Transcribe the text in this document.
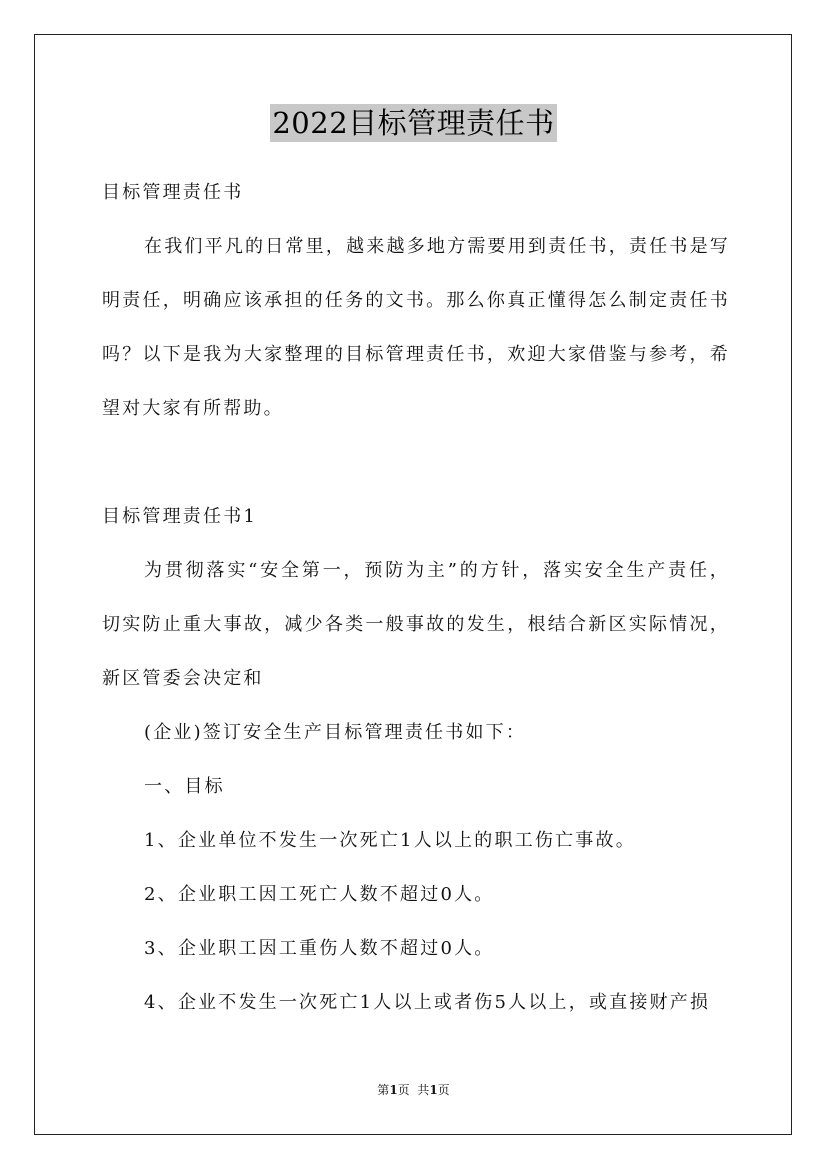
2022目标管理责任书

目标管理责任书

在我们平凡的日常里，越来越多地方需要用到责任书，责任书是写明责任，明确应该承担的任务的文书。那么你真正懂得怎么制定责任书吗？以下是我为大家整理的目标管理责任书，欢迎大家借鉴与参考，希望对大家有所帮助。

目标管理责任书1

为贯彻落实“安全第一，预防为主”的方针，落实安全生产责任，切实防止重大事故，减少各类一般事故的发生，根结合新区实际情况，新区管委会决定和

(企业)签订安全生产目标管理责任书如下：

一、目标

1、企业单位不发生一次死亡1人以上的职工伤亡事故。

2、企业职工因工死亡人数不超过0人。

3、企业职工因工重伤人数不超过0人。

4、企业不发生一次死亡1人以上或者伤5人以上，或直接财产损

第1页  共1页
